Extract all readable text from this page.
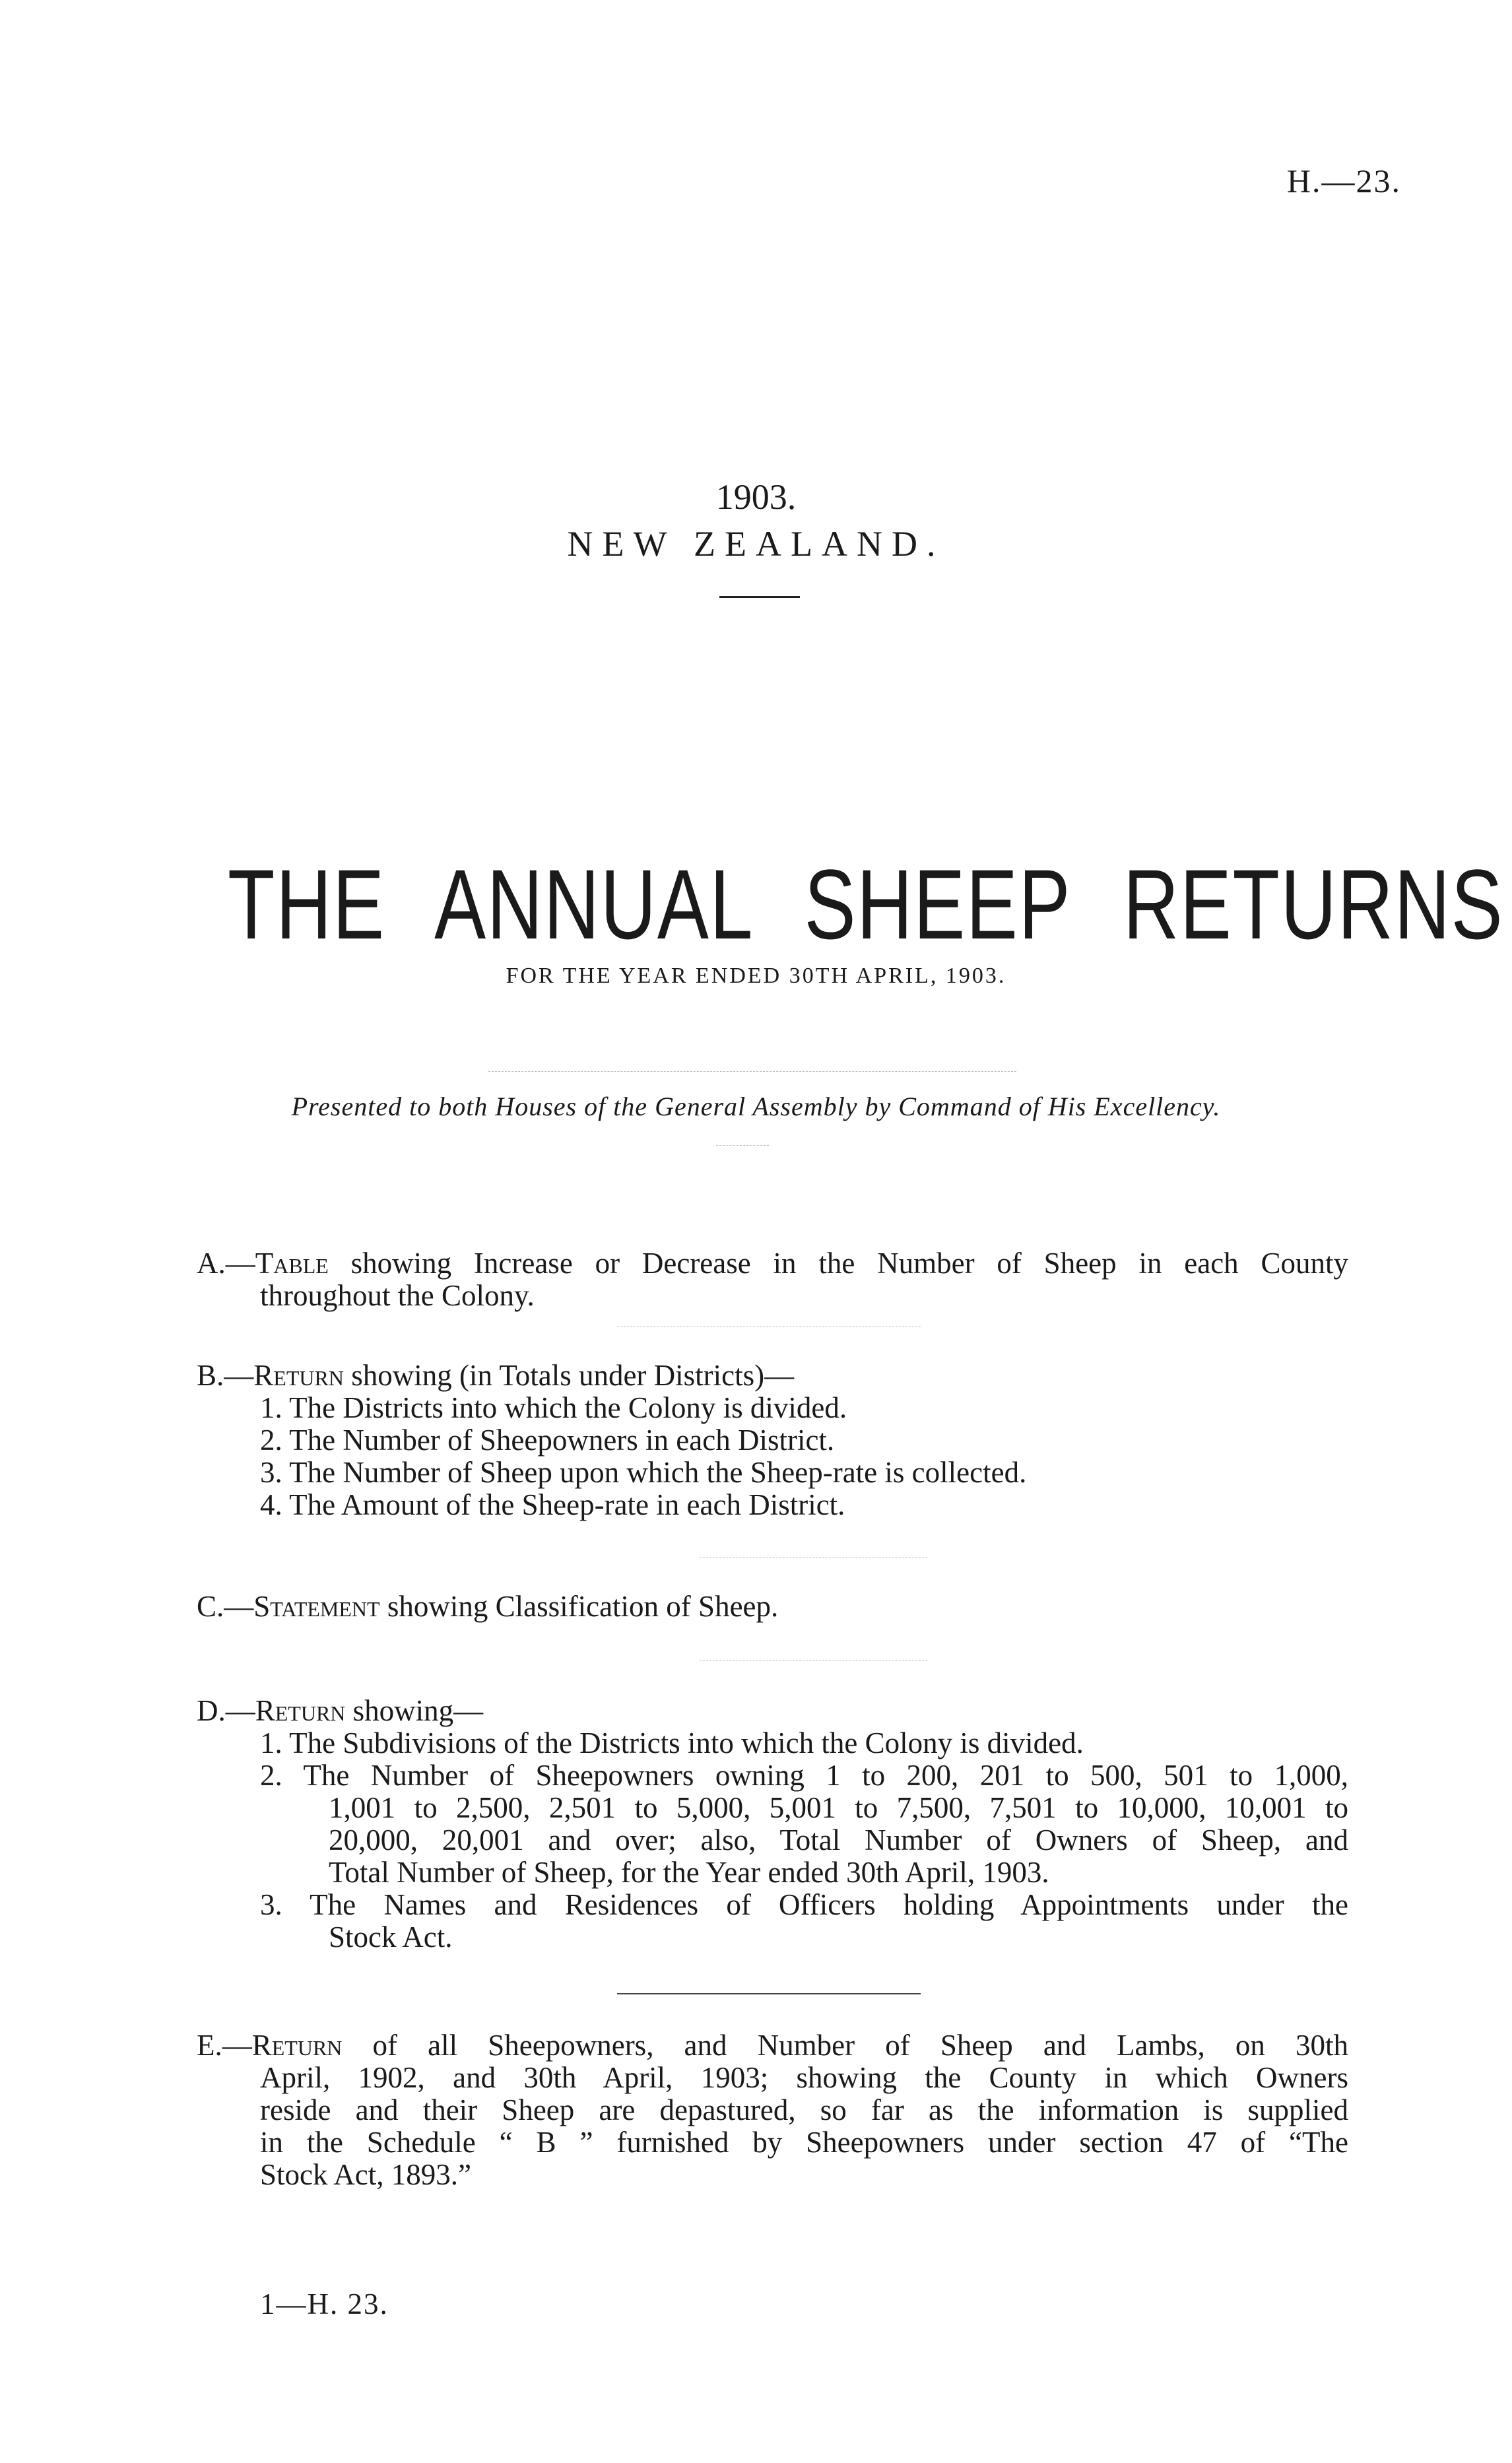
H.—23.
1903.
NEW ZEALAND.
THE ANNUAL SHEEP RETURNS
FOR THE YEAR ENDED 30TH APRIL, 1903.
Presented to both Houses of the General Assembly by Command of His Excellency.
A.—Table showing Increase or Decrease in the Number of Sheep in each County
throughout the Colony.
B.—Return showing (in Totals under Districts)—
1. The Districts into which the Colony is divided.
2. The Number of Sheepowners in each District.
3. The Number of Sheep upon which the Sheep-rate is collected.
4. The Amount of the Sheep-rate in each District.
C.—Statement showing Classification of Sheep.
D.—Return showing—
1. The Subdivisions of the Districts into which the Colony is divided.
2. The Number of Sheepowners owning 1 to 200, 201 to 500, 501 to 1,000,
1,001 to 2,500, 2,501 to 5,000, 5,001 to 7,500, 7,501 to 10,000, 10,001 to
20,000, 20,001 and over; also, Total Number of Owners of Sheep, and
Total Number of Sheep, for the Year ended 30th April, 1903.
3. The Names and Residences of Officers holding Appointments under the
Stock Act.
E.—Return of all Sheepowners, and Number of Sheep and Lambs, on 30th
April, 1902, and 30th April, 1903; showing the County in which Owners
reside and their Sheep are depastured, so far as the information is supplied
in the Schedule “ B ” furnished by Sheepowners under section 47 of “The
Stock Act, 1893.”
1—H. 23.
